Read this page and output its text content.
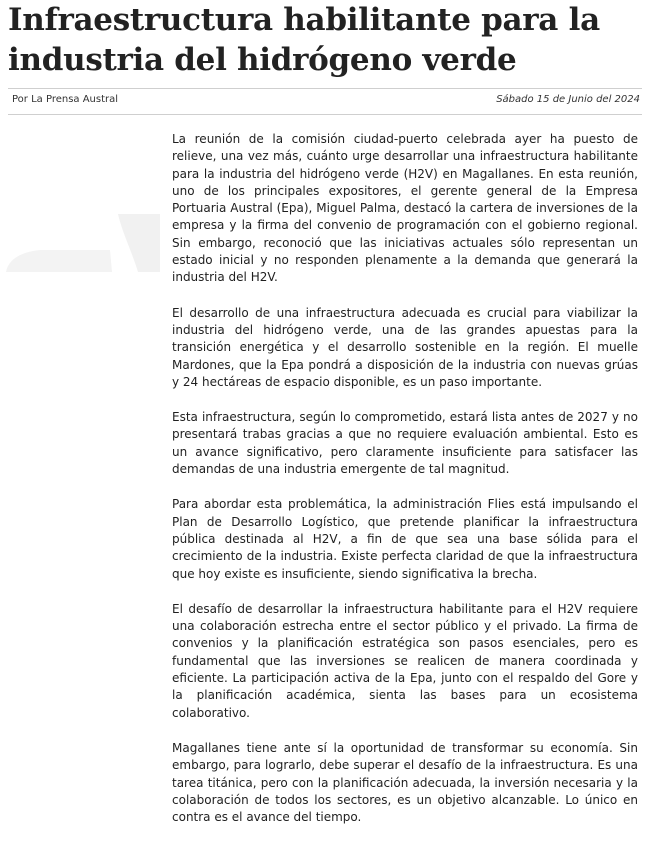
Infraestructura habilitante para la industria del hidrógeno verde
Por La Prensa Austral	Sábado 15 de Junio del 2024

La reunión de la comisión ciudad-puerto celebrada ayer ha puesto de relieve, una vez más, cuánto urge desarrollar una infraestructura habilitante para la industria del hidrógeno verde (H2V) en Magallanes. En esta reunión, uno de los principales expositores, el gerente general de la Empresa Portuaria Austral (Epa), Miguel Palma, destacó la cartera de inversiones de la empresa y la firma del convenio de programación con el gobierno regional. Sin embargo, reconoció que las iniciativas actuales sólo representan un estado inicial y no responden plenamente a la demanda que generará la industria del H2V.

El desarrollo de una infraestructura adecuada es crucial para viabilizar la industria del hidrógeno verde, una de las grandes apuestas para la transición energética y el desarrollo sostenible en la región. El muelle Mardones, que la Epa pondrá a disposición de la industria con nuevas grúas y 24 hectáreas de espacio disponible, es un paso importante.

Esta infraestructura, según lo comprometido, estará lista antes de 2027 y no presentará trabas gracias a que no requiere evaluación ambiental. Esto es un avance significativo, pero claramente insuficiente para satisfacer las demandas de una industria emergente de tal magnitud.

Para abordar esta problemática, la administración Flies está impulsando el Plan de Desarrollo Logístico, que pretende planificar la infraestructura pública destinada al H2V, a fin de que sea una base sólida para el crecimiento de la industria. Existe perfecta claridad de que la infraestructura que hoy existe es insuficiente, siendo significativa la brecha.

El desafío de desarrollar la infraestructura habilitante para el H2V requiere una colaboración estrecha entre el sector público y el privado. La firma de convenios y la planificación estratégica son pasos esenciales, pero es fundamental que las inversiones se realicen de manera coordinada y eficiente. La participación activa de la Epa, junto con el respaldo del Gore y la planificación académica, sienta las bases para un ecosistema colaborativo.

Magallanes tiene ante sí la oportunidad de transformar su economía. Sin embargo, para lograrlo, debe superar el desafío de la infraestructura. Es una tarea titánica, pero con la planificación adecuada, la inversión necesaria y la colaboración de todos los sectores, es un objetivo alcanzable. Lo único en contra es el avance del tiempo.
